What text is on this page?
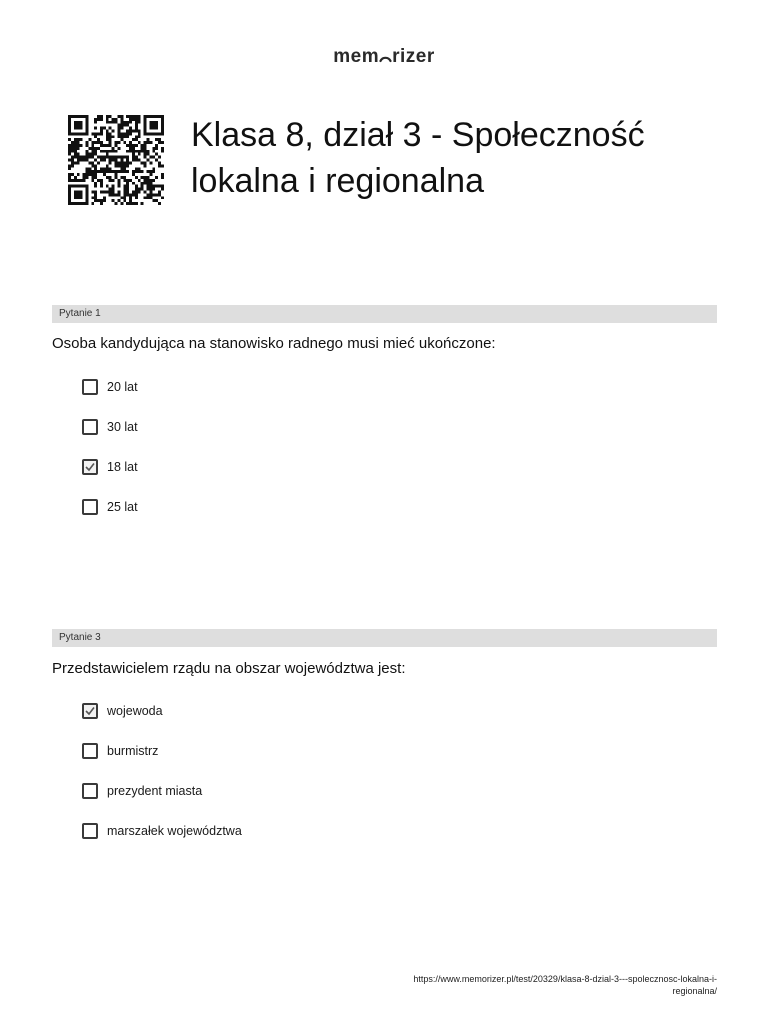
mem rizer
Klasa 8, dział 3 - Społeczność lokalna i regionalna
Pytanie 1
Osoba kandydująca na stanowisko radnego musi mieć ukończone:
20 lat
30 lat
18 lat
25 lat
Pytanie 3
Przedstawicielem rządu na obszar województwa jest:
wojewoda
burmistrz
prezydent miasta
marszałek województwa
https://www.memorizer.pl/test/20329/klasa-8-dzial-3---spolecznosc-lokalna-i-
regionalna/
